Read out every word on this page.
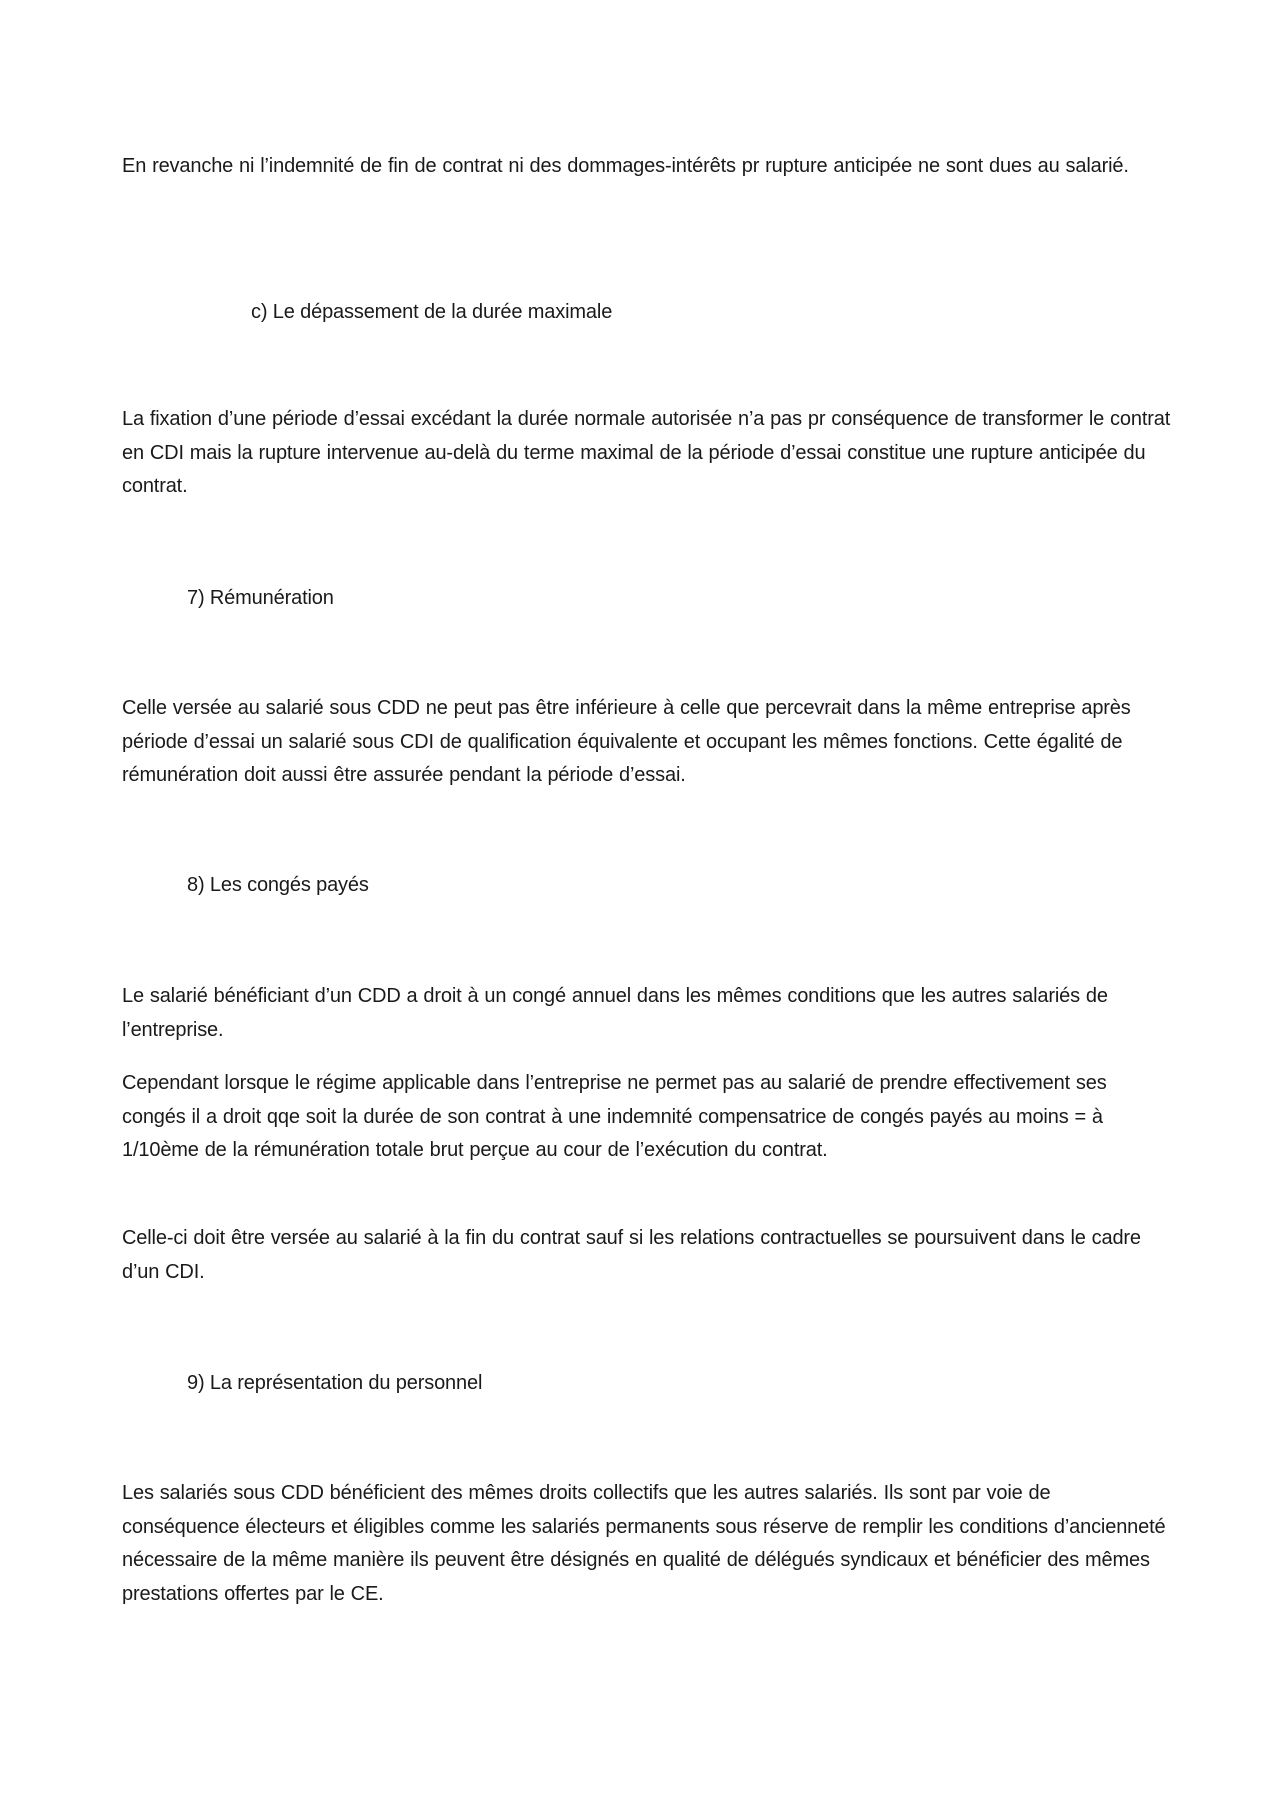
En revanche ni l’indemnité de fin de contrat ni des dommages-intérêts pr rupture anticipée ne sont dues au salarié.

c) Le dépassement de la durée maximale

La fixation d’une période d’essai excédant la durée normale autorisée n’a pas pr conséquence de transformer le contrat en CDI mais la rupture intervenue au-delà du terme maximal de la période d’essai constitue une rupture anticipée du contrat.

7) Rémunération

Celle versée au salarié sous CDD ne peut pas être inférieure à celle que percevrait dans la même entreprise après période d’essai un salarié sous CDI de qualification équivalente et occupant les mêmes fonctions. Cette égalité de rémunération doit aussi être assurée pendant la période d’essai.

8) Les congés payés

Le salarié bénéficiant d’un CDD a droit à un congé annuel dans les mêmes conditions que les autres salariés de l’entreprise.

Cependant lorsque le régime applicable dans l’entreprise ne permet pas au salarié de prendre effectivement ses congés il a droit qqe soit la durée de son contrat à une indemnité compensatrice de congés payés au moins = à 1/10ème de la rémunération totale brut perçue au cour de l’exécution du contrat.

Celle-ci doit être versée au salarié à la fin du contrat sauf si les relations contractuelles se poursuivent dans le cadre d’un CDI.

9) La représentation du personnel

Les salariés sous CDD bénéficient des mêmes droits collectifs que les autres salariés. Ils sont par voie de conséquence électeurs et éligibles comme les salariés permanents sous réserve de remplir les conditions d’ancienneté nécessaire de la même manière ils peuvent être désignés en qualité de délégués syndicaux et bénéficier des mêmes prestations offertes par le CE.
